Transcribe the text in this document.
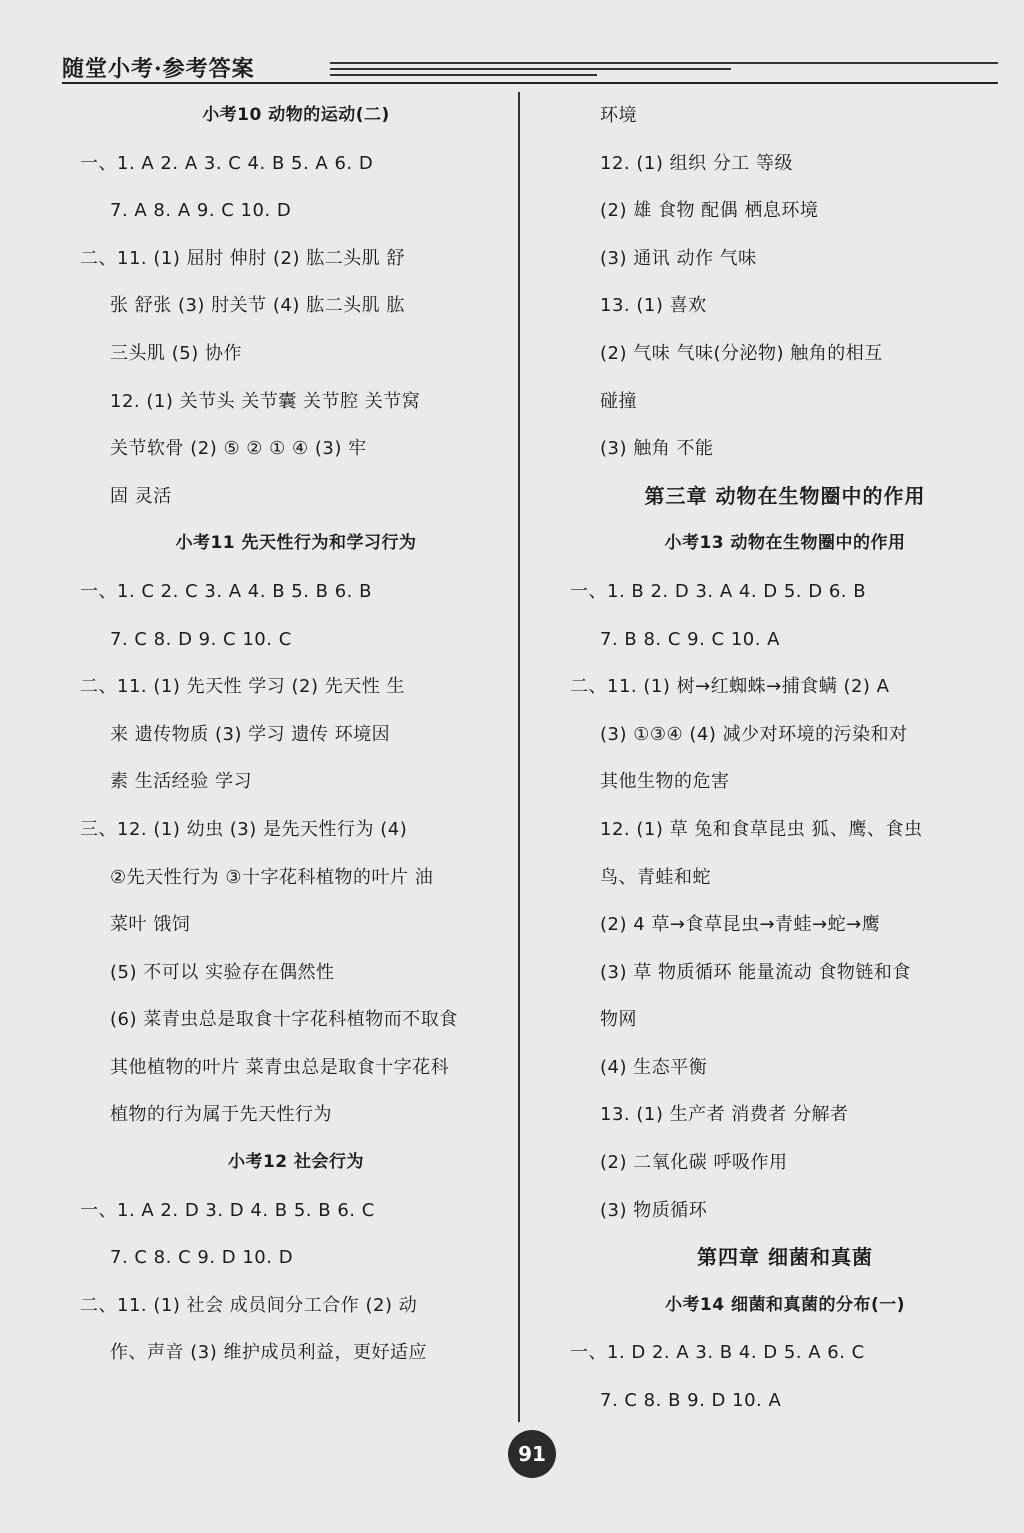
随堂小考·参考答案
小考10 动物的运动(二)
一、1. A 2. A 3. C 4. B 5. A 6. D
7. A 8. A 9. C 10. D
二、11. (1) 屈肘 伸肘 (2) 肱二头肌 舒
张 舒张 (3) 肘关节 (4) 肱二头肌 肱
三头肌 (5) 协作
12. (1) 关节头 关节囊 关节腔 关节窝
关节软骨 (2) ⑤ ② ① ④ (3) 牢
固 灵活
小考11 先天性行为和学习行为
一、1. C 2. C 3. A 4. B 5. B 6. B
7. C 8. D 9. C 10. C
二、11. (1) 先天性 学习 (2) 先天性 生
来 遗传物质 (3) 学习 遗传 环境因
素 生活经验 学习
三、12. (1) 幼虫 (3) 是先天性行为 (4)
②先天性行为 ③十字花科植物的叶片 油
菜叶 饿饲
(5) 不可以 实验存在偶然性
(6) 菜青虫总是取食十字花科植物而不取食
其他植物的叶片 菜青虫总是取食十字花科
植物的行为属于先天性行为
小考12 社会行为
一、1. A 2. D 3. D 4. B 5. B 6. C
7. C 8. C 9. D 10. D
二、11. (1) 社会 成员间分工合作 (2) 动
作、声音 (3) 维护成员利益，更好适应
环境
12. (1) 组织 分工 等级
(2) 雄 食物 配偶 栖息环境
(3) 通讯 动作 气味
13. (1) 喜欢
(2) 气味 气味(分泌物) 触角的相互
碰撞
(3) 触角 不能
第三章 动物在生物圈中的作用
小考13 动物在生物圈中的作用
一、1. B 2. D 3. A 4. D 5. D 6. B
7. B 8. C 9. C 10. A
二、11. (1) 树→红蜘蛛→捕食螨 (2) A
(3) ①③④ (4) 减少对环境的污染和对
其他生物的危害
12. (1) 草 兔和食草昆虫 狐、鹰、食虫
鸟、青蛙和蛇
(2) 4 草→食草昆虫→青蛙→蛇→鹰
(3) 草 物质循环 能量流动 食物链和食
物网
(4) 生态平衡
13. (1) 生产者 消费者 分解者
(2) 二氧化碳 呼吸作用
(3) 物质循环
第四章 细菌和真菌
小考14 细菌和真菌的分布(一)
一、1. D 2. A 3. B 4. D 5. A 6. C
7. C 8. B 9. D 10. A
91
